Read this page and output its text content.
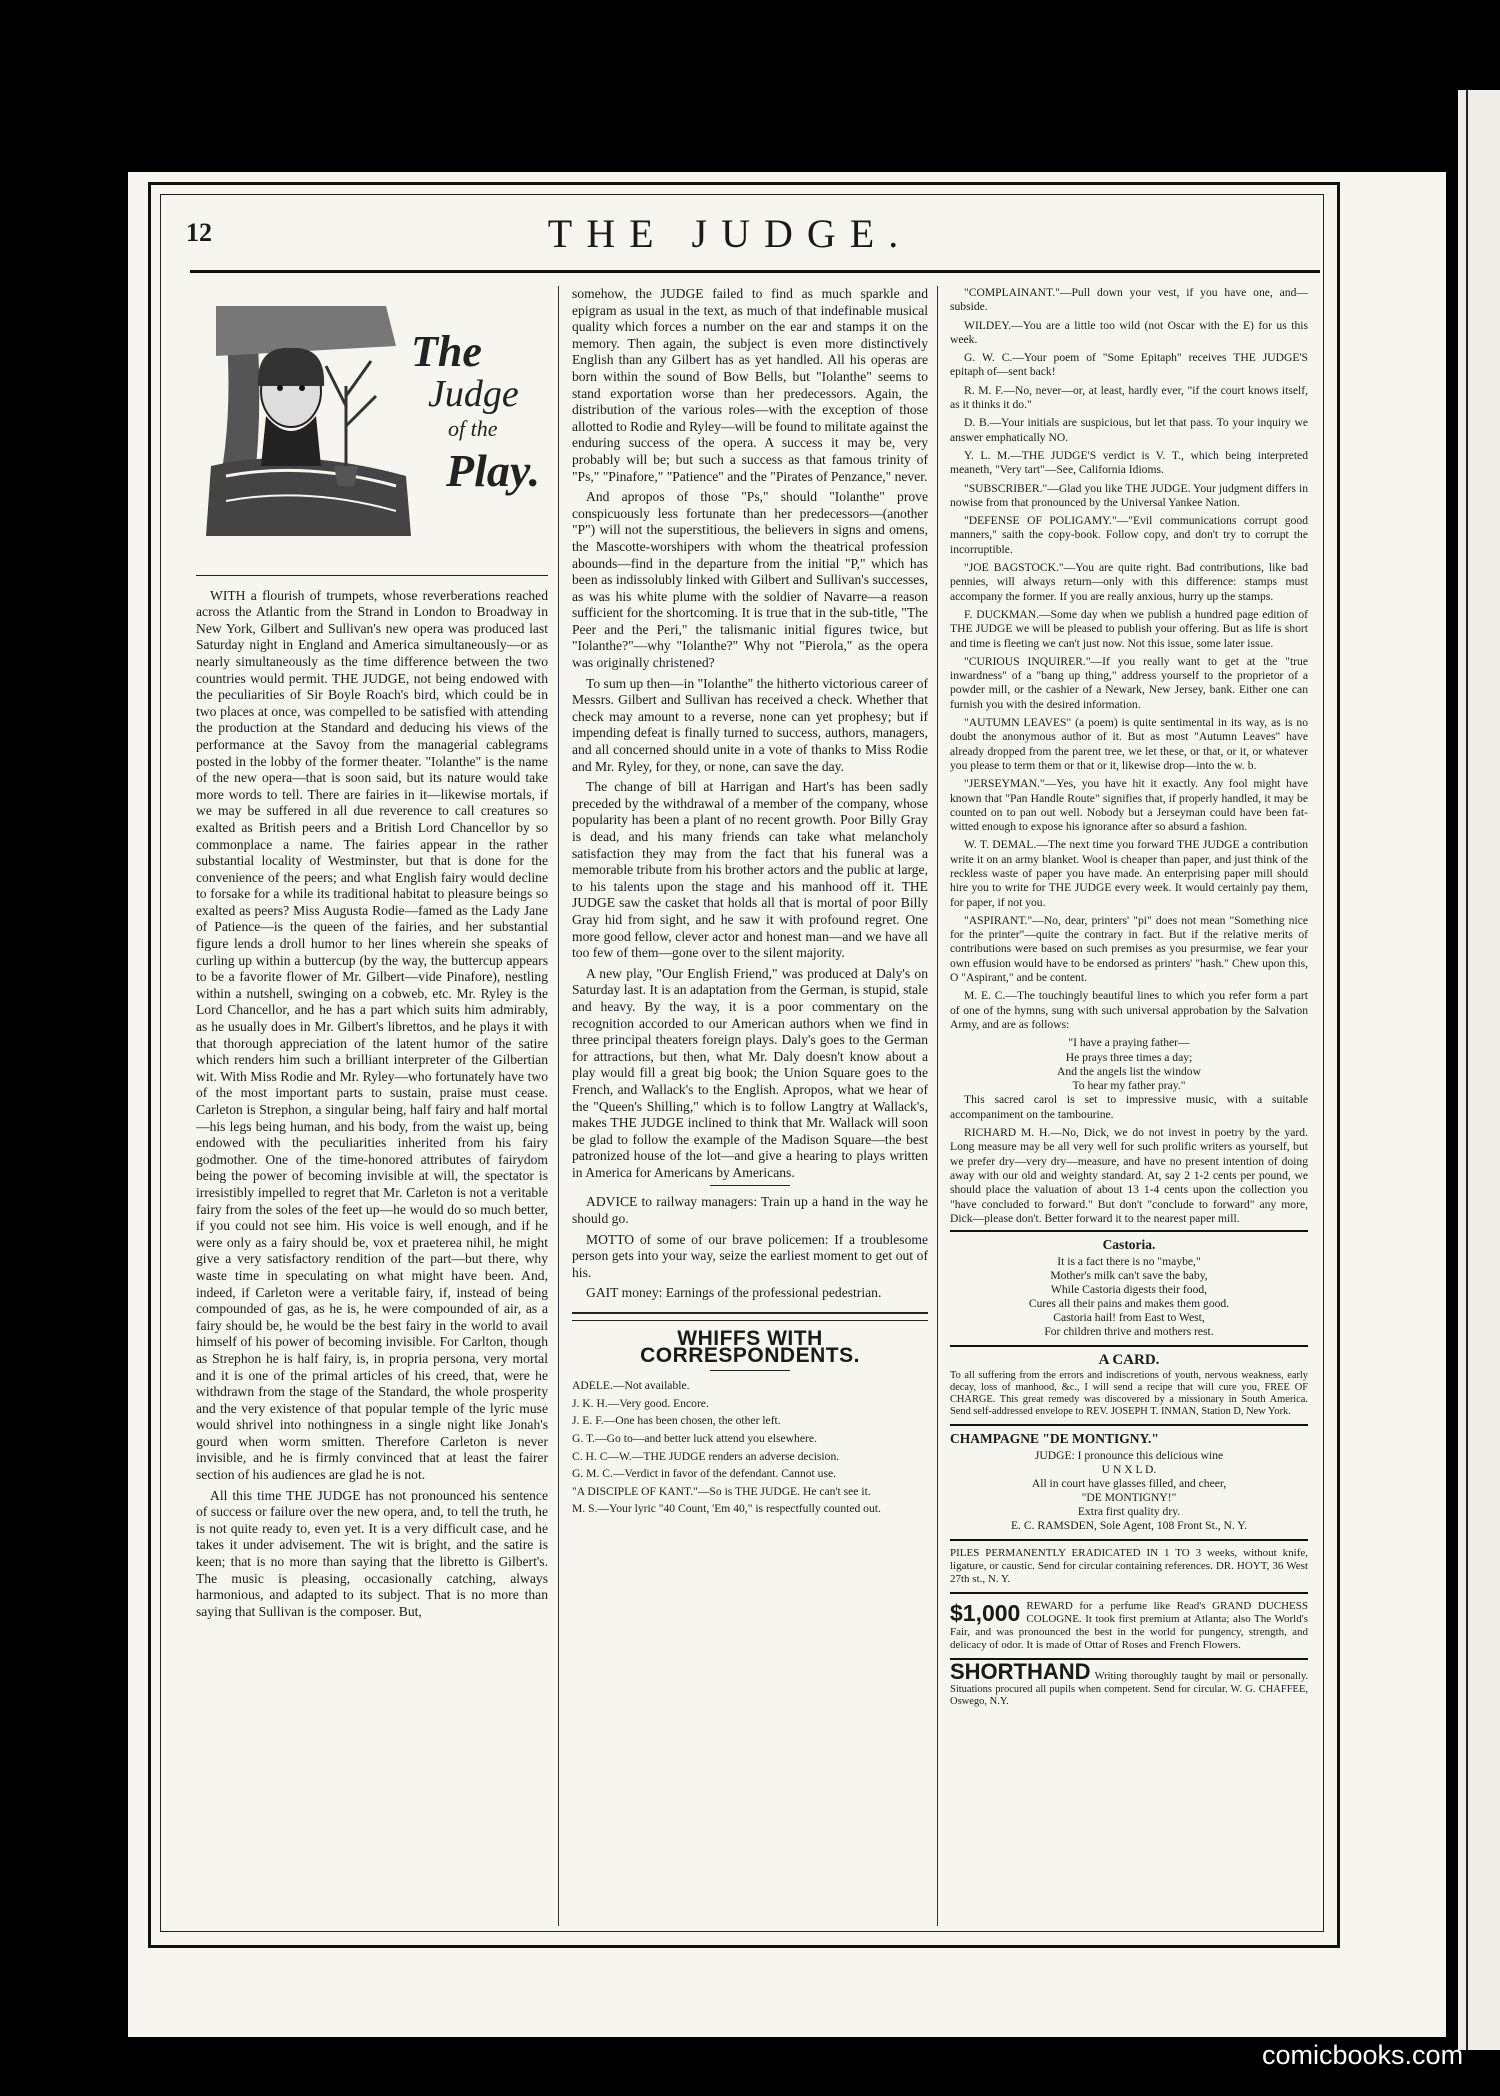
12	THE JUDGE.
The
Judge
of the
Play.

WITH a flourish of trumpets, whose reverberations reached across the Atlantic from the Strand in London to Broadway in New York, Gilbert and Sullivan's new opera was produced last Saturday night in England and America simultaneously—or as nearly simultaneously as the time difference between the two countries would permit. THE JUDGE, not being endowed with the peculiarities of Sir Boyle Roach's bird, which could be in two places at once, was compelled to be satisfied with attending the production at the Standard and deducing his views of the performance at the Savoy from the managerial cablegrams posted in the lobby of the former theater. "Iolanthe" is the name of the new opera—that is soon said, but its nature would take more words to tell. There are fairies in it—likewise mortals, if we may be suffered in all due reverence to call creatures so exalted as British peers and a British Lord Chancellor by so commonplace a name. The fairies appear in the rather substantial locality of Westminster, but that is done for the convenience of the peers; and what English fairy would decline to forsake for a while its traditional habitat to pleasure beings so exalted as peers? Miss Augusta Rodie—famed as the Lady Jane of Patience—is the queen of the fairies, and her substantial figure lends a droll humor to her lines wherein she speaks of curling up within a buttercup (by the way, the buttercup appears to be a favorite flower of Mr. Gilbert—vide Pinafore), nestling within a nutshell, swinging on a cobweb, etc. Mr. Ryley is the Lord Chancellor, and he has a part which suits him admirably, as he usually does in Mr. Gilbert's librettos, and he plays it with that thorough appreciation of the latent humor of the satire which renders him such a brilliant interpreter of the Gilbertian wit. With Miss Rodie and Mr. Ryley—who fortunately have two of the most important parts to sustain, praise must cease. Carleton is Strephon, a singular being, half fairy and half mortal—his legs being human, and his body, from the waist up, being endowed with the peculiarities inherited from his fairy godmother. One of the time-honored attributes of fairydom being the power of becoming invisible at will, the spectator is irresistibly impelled to regret that Mr. Carleton is not a veritable fairy from the soles of the feet up—he would do so much better, if you could not see him. His voice is well enough, and if he were only as a fairy should be, vox et praeterea nihil, he might give a very satisfactory rendition of the part—but there, why waste time in speculating on what might have been. And, indeed, if Carleton were a veritable fairy, if, instead of being compounded of gas, as he is, he were compounded of air, as a fairy should be, he would be the best fairy in the world to avail himself of his power of becoming invisible. For Carlton, though as Strephon he is half fairy, is, in propria persona, very mortal and it is one of the primal articles of his creed, that, were he withdrawn from the stage of the Standard, the whole prosperity and the very existence of that popular temple of the lyric muse would shrivel into nothingness in a single night like Jonah's gourd when worm smitten. Therefore Carleton is never invisible, and he is firmly convinced that at least the fairer section of his audiences are glad he is not.

All this time THE JUDGE has not pronounced his sentence of success or failure over the new opera, and, to tell the truth, he is not quite ready to, even yet. It is a very difficult case, and he takes it under advisement. The wit is bright, and the satire is keen; that is no more than saying that the libretto is Gilbert's. The music is pleasing, occasionally catching, always harmonious, and adapted to its subject. That is no more than saying that Sullivan is the composer. But,

somehow, the JUDGE failed to find as much sparkle and epigram as usual in the text, as much of that indefinable musical quality which forces a number on the ear and stamps it on the memory. Then again, the subject is even more distinctively English than any Gilbert has as yet handled. All his operas are born within the sound of Bow Bells, but "Iolanthe" seems to stand exportation worse than her predecessors. Again, the distribution of the various roles—with the exception of those allotted to Rodie and Ryley—will be found to militate against the enduring success of the opera. A success it may be, very probably will be; but such a success as that famous trinity of "Ps," "Pinafore," "Patience" and the "Pirates of Penzance," never.

And apropos of those "Ps," should "Iolanthe" prove conspicuously less fortunate than her predecessors—(another "P") will not the superstitious, the believers in signs and omens, the Mascotte-worshipers with whom the theatrical profession abounds—find in the departure from the initial "P," which has been as indissolubly linked with Gilbert and Sullivan's successes, as was his white plume with the soldier of Navarre—a reason sufficient for the shortcoming. It is true that in the sub-title, "The Peer and the Peri," the talismanic initial figures twice, but "Iolanthe?"—why "Iolanthe?" Why not "Pierola," as the opera was originally christened?

To sum up then—in "Iolanthe" the hitherto victorious career of Messrs. Gilbert and Sullivan has received a check. Whether that check may amount to a reverse, none can yet prophesy; but if impending defeat is finally turned to success, authors, managers, and all concerned should unite in a vote of thanks to Miss Rodie and Mr. Ryley, for they, or none, can save the day.

The change of bill at Harrigan and Hart's has been sadly preceded by the withdrawal of a member of the company, whose popularity has been a plant of no recent growth. Poor Billy Gray is dead, and his many friends can take what melancholy satisfaction they may from the fact that his funeral was a memorable tribute from his brother actors and the public at large, to his talents upon the stage and his manhood off it. THE JUDGE saw the casket that holds all that is mortal of poor Billy Gray hid from sight, and he saw it with profound regret. One more good fellow, clever actor and honest man—and we have all too few of them—gone over to the silent majority.

A new play, "Our English Friend," was produced at Daly's on Saturday last. It is an adaptation from the German, is stupid, stale and heavy. By the way, it is a poor commentary on the recognition accorded to our American authors when we find in three principal theaters foreign plays. Daly's goes to the German for attractions, but then, what Mr. Daly doesn't know about a play would fill a great big book; the Union Square goes to the French, and Wallack's to the English. Apropos, what we hear of the "Queen's Shilling," which is to follow Langtry at Wallack's, makes THE JUDGE inclined to think that Mr. Wallack will soon be glad to follow the example of the Madison Square—the best patronized house of the lot—and give a hearing to plays written in America for Americans by Americans.

ADVICE to railway managers: Train up a hand in the way he should go.

MOTTO of some of our brave policemen: If a troublesome person gets into your way, seize the earliest moment to get out of his.

GAIT money: Earnings of the professional pedestrian.

WHIFFS WITH CORRESPONDENTS.

ADELE.—Not available.

J. K. H.—Very good. Encore.

J. E. F.—One has been chosen, the other left.

G. T.—Go to—and better luck attend you elsewhere.

C. H. C—W.—THE JUDGE renders an adverse decision.

G. M. C.—Verdict in favor of the defendant. Cannot use.

"A DISCIPLE OF KANT."—So is THE JUDGE. He can't see it.

M. S.—Your lyric "40 Count, 'Em 40," is respectfully counted out.

"COMPLAINANT."—Pull down your vest, if you have one, and—subside.

WILDEY.—You are a little too wild (not Oscar with the E) for us this week.

G. W. C.—Your poem of "Some Epitaph" receives THE JUDGE'S epitaph of—sent back!

R. M. F.—No, never—or, at least, hardly ever, "if the court knows itself, as it thinks it do."

D. B.—Your initials are suspicious, but let that pass. To your inquiry we answer emphatically NO.

Y. L. M.—THE JUDGE'S verdict is V. T., which being interpreted meaneth, "Very tart"—See, California Idioms.

"SUBSCRIBER."—Glad you like THE JUDGE. Your judgment differs in nowise from that pronounced by the Universal Yankee Nation.

"DEFENSE OF POLIGAMY."—"Evil communications corrupt good manners," saith the copy-book. Follow copy, and don't try to corrupt the incorruptible.

"JOE BAGSTOCK."—You are quite right. Bad contributions, like bad pennies, will always return—only with this difference: stamps must accompany the former. If you are really anxious, hurry up the stamps.

F. DUCKMAN.—Some day when we publish a hundred page edition of THE JUDGE we will be pleased to publish your offering. But as life is short and time is fleeting we can't just now. Not this issue, some later issue.

"CURIOUS INQUIRER."—If you really want to get at the "true inwardness" of a "bang up thing," address yourself to the proprietor of a powder mill, or the cashier of a Newark, New Jersey, bank. Either one can furnish you with the desired information.

"AUTUMN LEAVES" (a poem) is quite sentimental in its way, as is no doubt the anonymous author of it. But as most "Autumn Leaves" have already dropped from the parent tree, we let these, or that, or it, or whatever you please to term them or that or it, likewise drop—into the w. b.

"JERSEYMAN."—Yes, you have hit it exactly. Any fool might have known that "Pan Handle Route" signifies that, if properly handled, it may be counted on to pan out well. Nobody but a Jerseyman could have been fat-witted enough to expose his ignorance after so absurd a fashion.

W. T. DEMAL.—The next time you forward THE JUDGE a contribution write it on an army blanket. Wool is cheaper than paper, and just think of the reckless waste of paper you have made. An enterprising paper mill should hire you to write for THE JUDGE every week. It would certainly pay them, for paper, if not you.

"ASPIRANT."—No, dear, printers' "pi" does not mean "Something nice for the printer"—quite the contrary in fact. But if the relative merits of contributions were based on such premises as you presurmise, we fear your own effusion would have to be endorsed as printers' "hash." Chew upon this, O "Aspirant," and be content.

M. E. C.—The touchingly beautiful lines to which you refer form a part of one of the hymns, sung with such universal approbation by the Salvation Army, and are as follows:

"I have a praying father—
He prays three times a day;
And the angels list the window
To hear my father pray."

This sacred carol is set to impressive music, with a suitable accompaniment on the tambourine.

RICHARD M. H.—No, Dick, we do not invest in poetry by the yard. Long measure may be all very well for such prolific writers as yourself, but we prefer dry—very dry—measure, and have no present intention of doing away with our old and weighty standard. At, say 2 1-2 cents per pound, we should place the valuation of about 13 1-4 cents upon the collection you "have concluded to forward." But don't "conclude to forward" any more, Dick—please don't. Better forward it to the nearest paper mill.

Castoria.
It is a fact there is no "maybe,"
Mother's milk can't save the baby,
While Castoria digests their food,
Cures all their pains and makes them good.
Castoria hail! from East to West,
For children thrive and mothers rest.
A CARD.
To all suffering from the errors and indiscretions of youth, nervous weakness, early decay, loss of manhood, &c., I will send a recipe that will cure you, FREE OF CHARGE. This great remedy was discovered by a missionary in South America. Send self-addressed envelope to REV. JOSEPH T. INMAN, Station D, New York.
CHAMPAGNE "DE MONTIGNY."
JUDGE: I pronounce this delicious wine
U N X L D.
All in court have glasses filled, and cheer,
"DE MONTIGNY!"
Extra first quality dry.
E. C. RAMSDEN, Sole Agent, 108 Front St., N. Y.
PILES PERMANENTLY ERADICATED IN 1 TO 3 weeks, without knife, ligature, or caustic. Send for circular containing references. DR. HOYT, 36 West 27th st., N. Y.
$1,000 REWARD for a perfume like Read's GRAND DUCHESS COLOGNE. It took first premium at Atlanta; also The World's Fair, and was pronounced the best in the world for pungency, strength, and delicacy of odor. It is made of Ottar of Roses and French Flowers.
SHORTHAND Writing thoroughly taught by mail or personally. Situations procured all pupils when competent. Send for circular. W. G. CHAFFEE, Oswego, N.Y.
comicbooks.com
